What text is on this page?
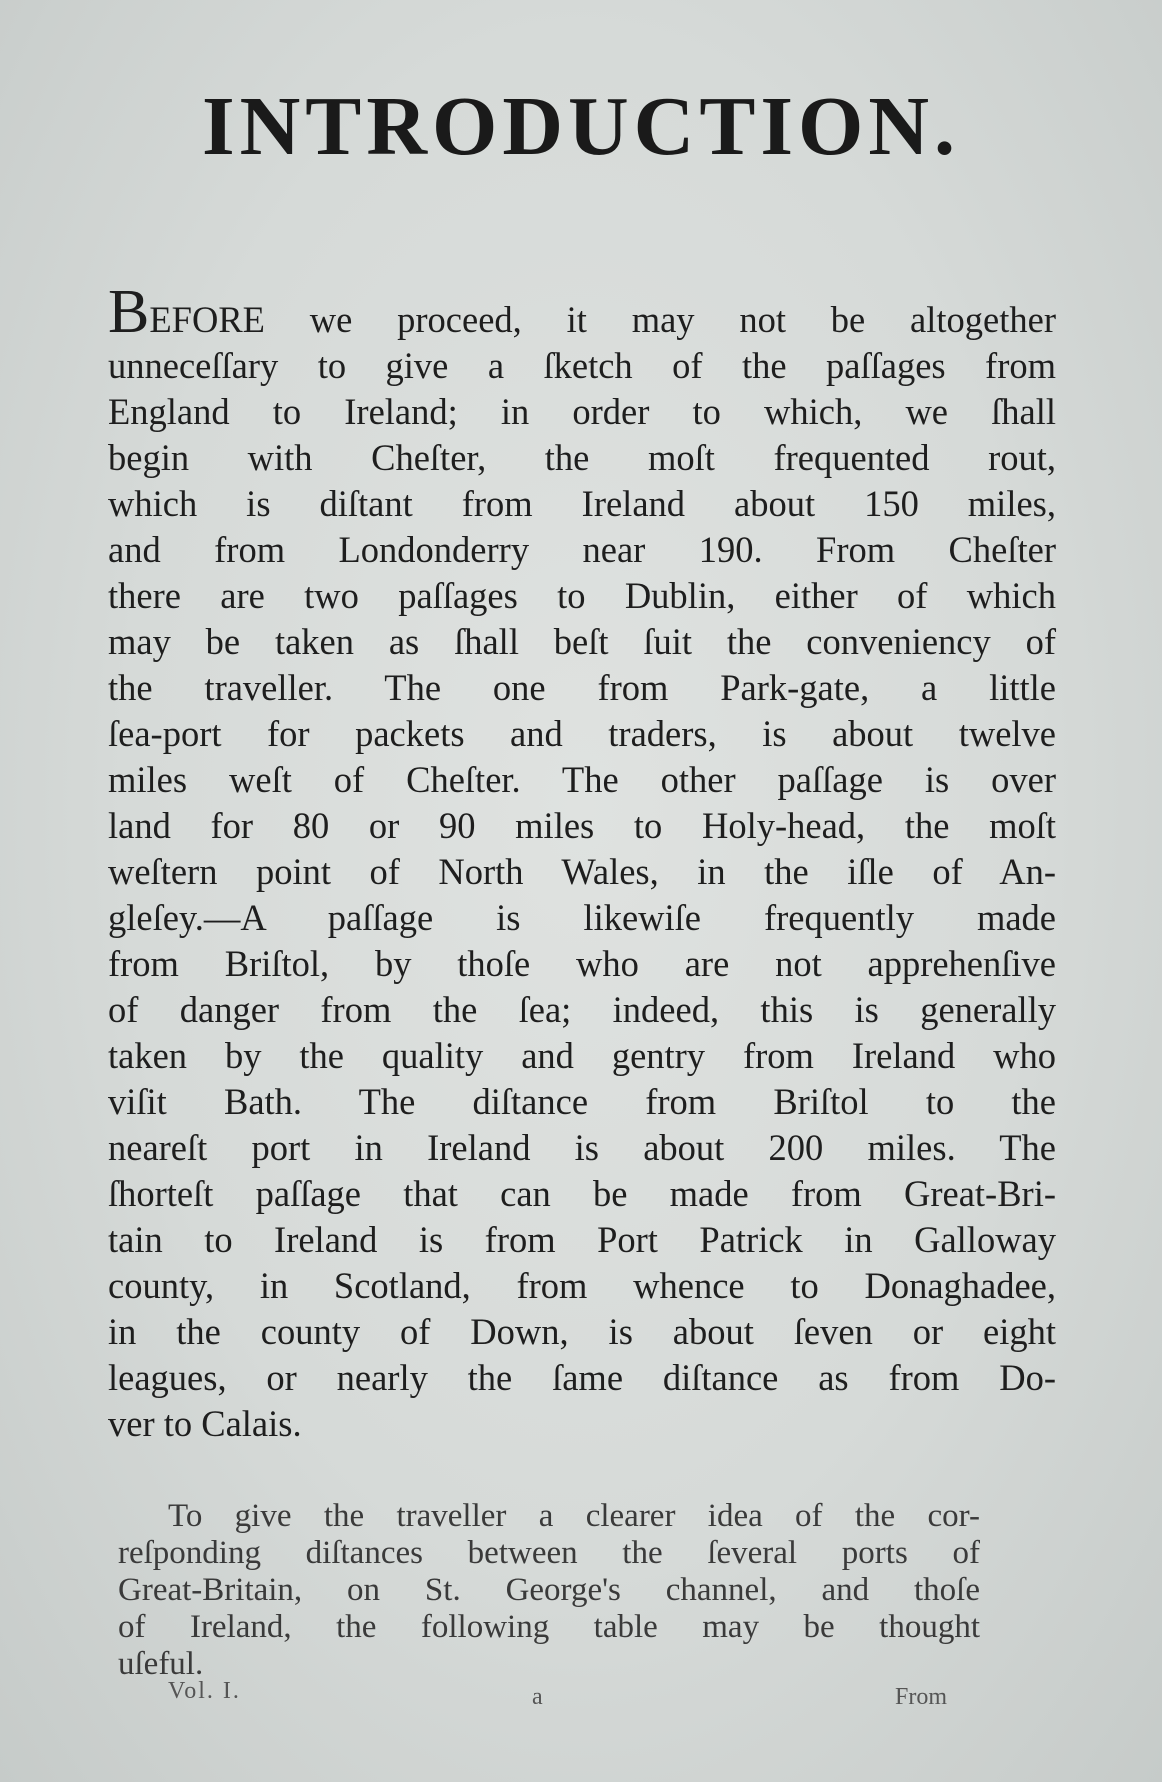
INTRODUCTION.
BEFORE we proceed, it may not be altogether
unneceſſary to give a ſketch of the paſſages from
England to Ireland; in order to which, we ſhall
begin with Cheſter, the moſt frequented rout,
which is diſtant from Ireland about 150 miles,
and from Londonderry near 190. From Cheſter
there are two paſſages to Dublin, either of which
may be taken as ſhall beſt ſuit the conveniency of
the traveller. The one from Park-gate, a little
ſea-port for packets and traders, is about twelve
miles weſt of Cheſter. The other paſſage is over
land for 80 or 90 miles to Holy-head, the moſt
weſtern point of North Wales, in the iſle of An-
gleſey.—A paſſage is likewiſe frequently made
from Briſtol, by thoſe who are not apprehenſive
of danger from the ſea; indeed, this is generally
taken by the quality and gentry from Ireland who
viſit Bath. The diſtance from Briſtol to the
neareſt port in Ireland is about 200 miles. The
ſhorteſt paſſage that can be made from Great-Bri-
tain to Ireland is from Port Patrick in Galloway
county, in Scotland, from whence to Donaghadee,
in the county of Down, is about ſeven or eight
leagues, or nearly the ſame diſtance as from Do-
ver to Calais.
To give the traveller a clearer idea of the cor-
reſponding diſtances between the ſeveral ports of
Great-Britain, on St. George's channel, and thoſe
of Ireland, the following table may be thought
uſeful.
Vol. I.	a	From
